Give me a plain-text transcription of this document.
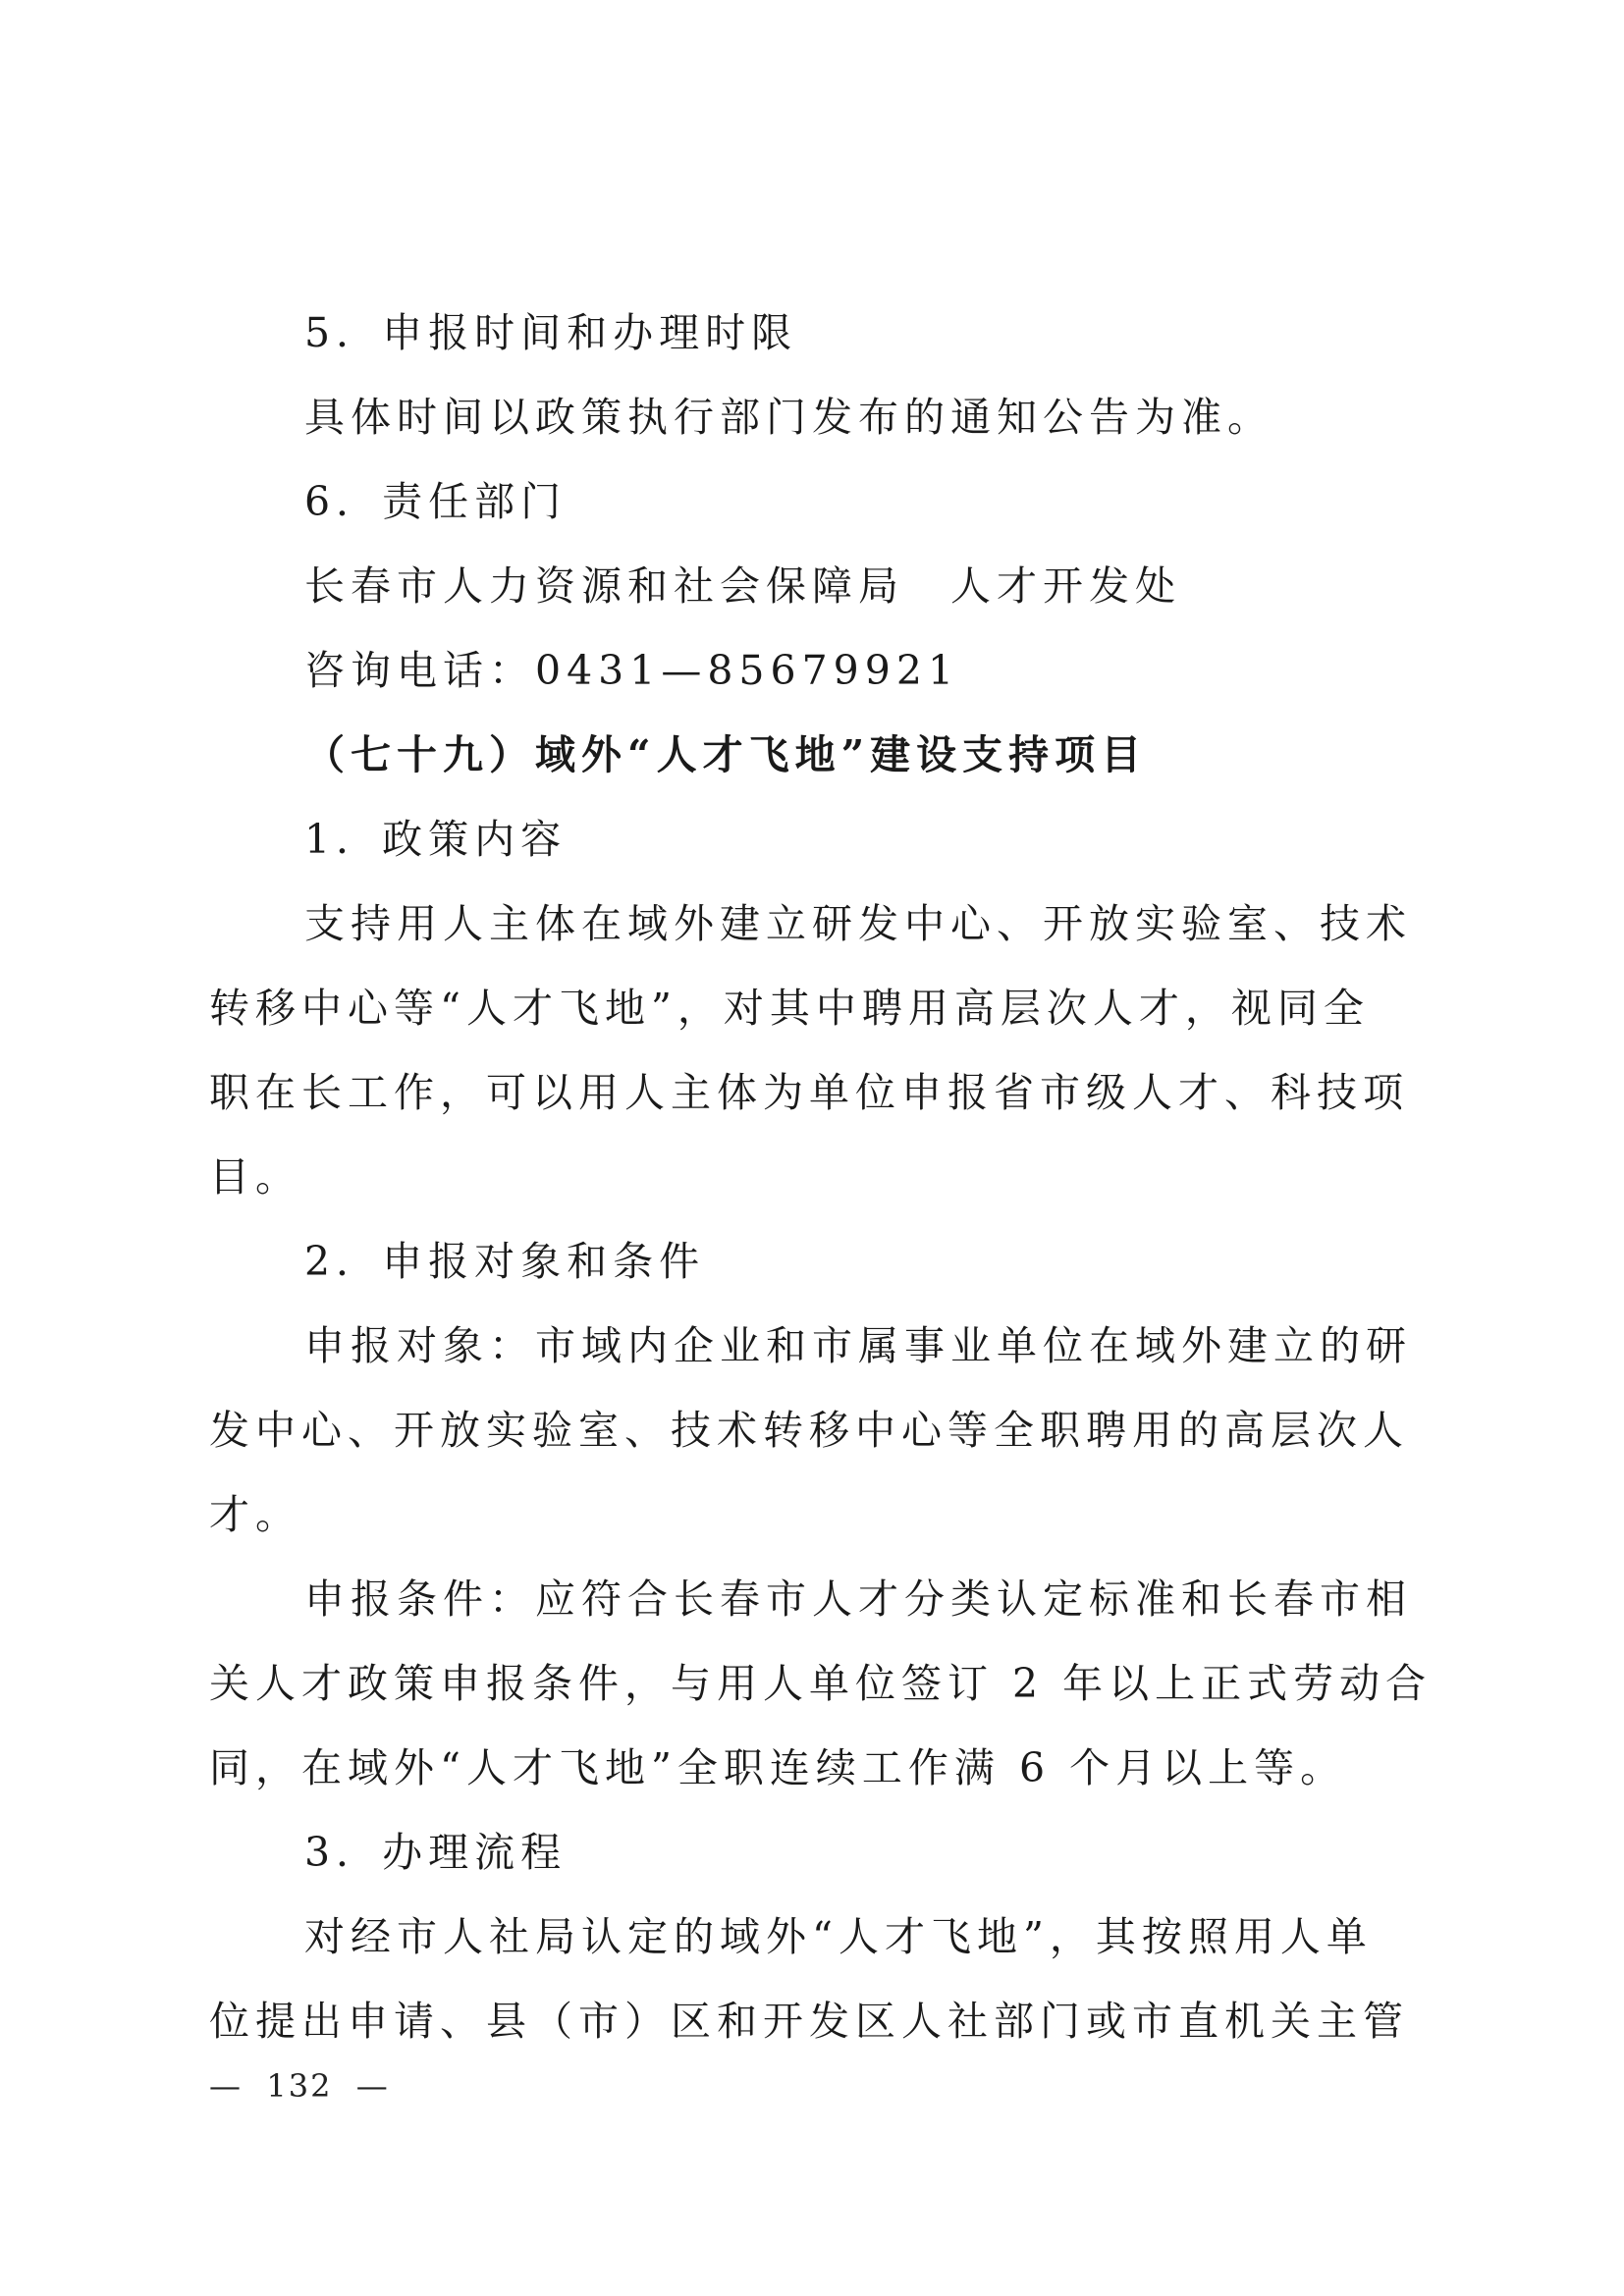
5．申报时间和办理时限
具体时间以政策执行部门发布的通知公告为准。
6．责任部门
长春市人力资源和社会保障局　人才开发处
咨询电话：0431—85679921
（七十九）域外“人才飞地”建设支持项目
1．政策内容
支持用人主体在域外建立研发中心、开放实验室、技术
转移中心等“人才飞地”，对其中聘用高层次人才，视同全
职在长工作，可以用人主体为单位申报省市级人才、科技项
目。
2．申报对象和条件
申报对象：市域内企业和市属事业单位在域外建立的研
发中心、开放实验室、技术转移中心等全职聘用的高层次人
才。
申报条件：应符合长春市人才分类认定标准和长春市相
关人才政策申报条件，与用人单位签订 2 年以上正式劳动合
同，在域外“人才飞地”全职连续工作满 6 个月以上等。
3．办理流程
对经市人社局认定的域外“人才飞地”，其按照用人单
位提出申请、县（市）区和开发区人社部门或市直机关主管
—  132  —
